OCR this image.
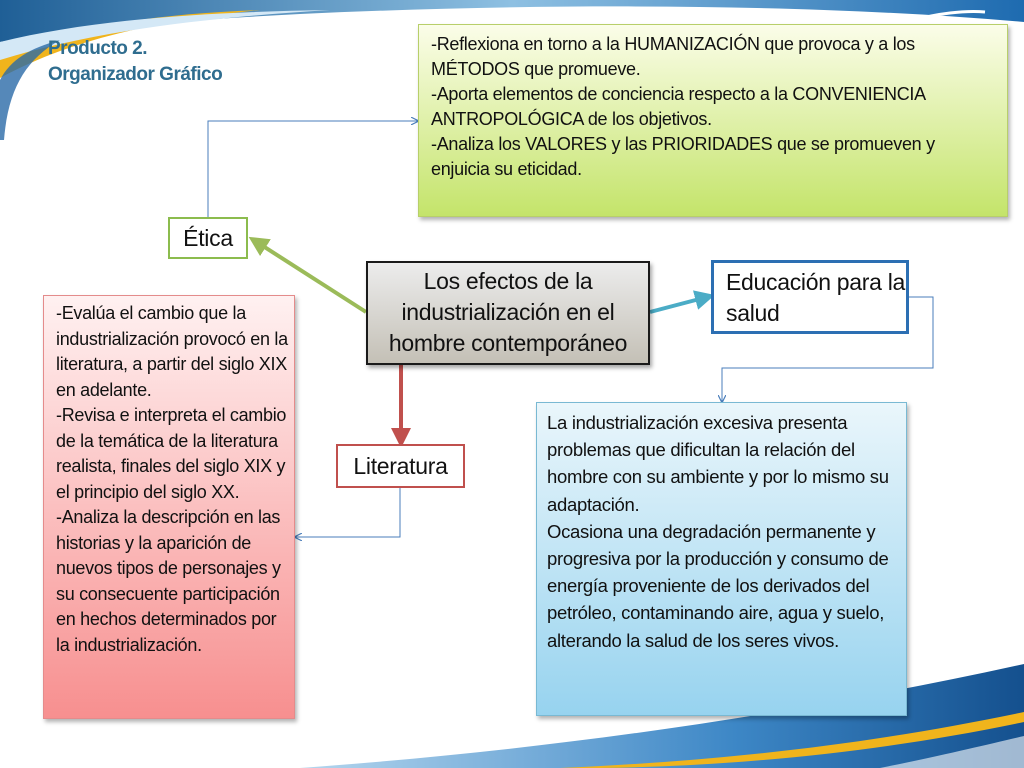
Producto 2.
Organizador Gráfico
-Reflexiona en torno a la HUMANIZACIÓN que provoca y a los MÉTODOS que promueve.
-Aporta elementos de conciencia respecto a la CONVENIENCIA ANTROPOLÓGICA de los objetivos.
-Analiza los VALORES y las PRIORIDADES que se promueven y enjuicia su eticidad.
Ética
Los efectos de la industrialización en el hombre contemporáneo
Educación para la salud
Literatura
-Evalúa el cambio que la industrialización provocó en la literatura, a partir del siglo XIX en adelante.
-Revisa e interpreta el cambio de la temática de la literatura realista, finales del siglo XIX y el principio del siglo XX.
-Analiza la descripción en las historias y la aparición de nuevos tipos de personajes y su consecuente participación en hechos determinados por la industrialización.
La industrialización excesiva presenta problemas que dificultan la relación del hombre con su ambiente y por lo mismo su adaptación.
Ocasiona una degradación permanente y progresiva por la producción y consumo de energía proveniente de los derivados del petróleo, contaminando aire, agua y suelo, alterando la salud de los seres vivos.
